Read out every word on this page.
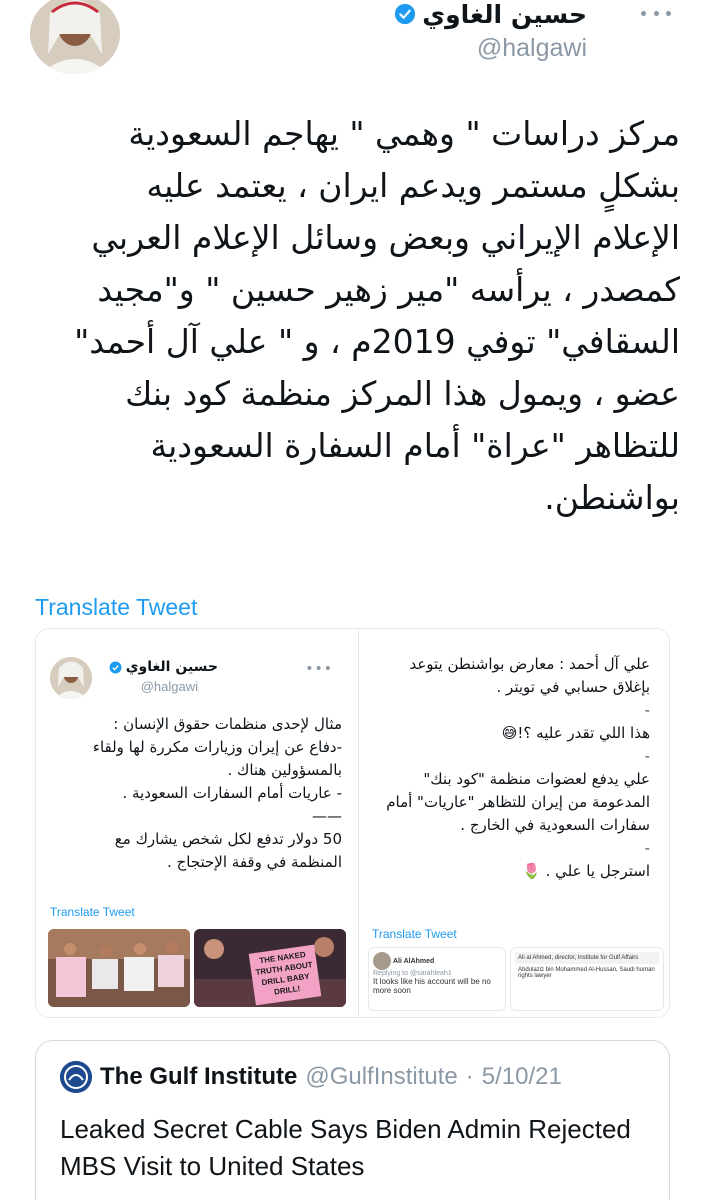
حسين الغاوي
@halgawi
مركز دراسات " وهمي " يهاجم السعودية
بشكلٍ مستمر ويدعم ايران ، يعتمد عليه
الإعلام الإيراني وبعض وسائل الإعلام العربي
كمصدر ، يرأسه "مير زهير حسين " و"مجيد
السقافي" توفي 2019م ، و " علي آل أحمد"
عضو ، ويمول هذا المركز منظمة كود بنك
للتظاهر "عراة" أمام السفارة السعودية
بواشنطن.
Translate Tweet
حسين الغاوي
@halgawi
•••
مثال لإحدى منظمات حقوق الإنسان :
-دفاع عن إيران وزيارات مكررة لها ولقاء
بالمسؤولين هناك .
- عاريات أمام السفارات السعودية .
——
50 دولار تدفع لكل شخص يشارك مع
المنظمة في وقفة الإحتجاج .
Translate Tweet
THE NAKED TRUTH ABOUT DRILL BABY DRILL!
علي آل أحمد : معارض بواشنطن يتوعد
بإغلاق حسابي في تويتر .
-
هذا اللي تقدر عليه ؟!😅
-
علي يدفع لعضوات منظمة "كود بنك"
المدعومة من إيران للتظاهر "عاريات" أمام
سفارات السعودية في الخارج .
-
استرجل يا علي . 🌷
Translate Tweet
Ali AlAhmed
Replying to @sarahleah1
It looks like his account will be no more soon
Ali al Ahmed, director, Institute for Gulf Affairs
Abdulaziz bin Mohammed Al-Hussan, Saudi human rights lawyer
The Gulf Institute @GulfInstitute · 5/10/21
Leaked Secret Cable Says Biden Admin Rejected MBS Visit to United States
